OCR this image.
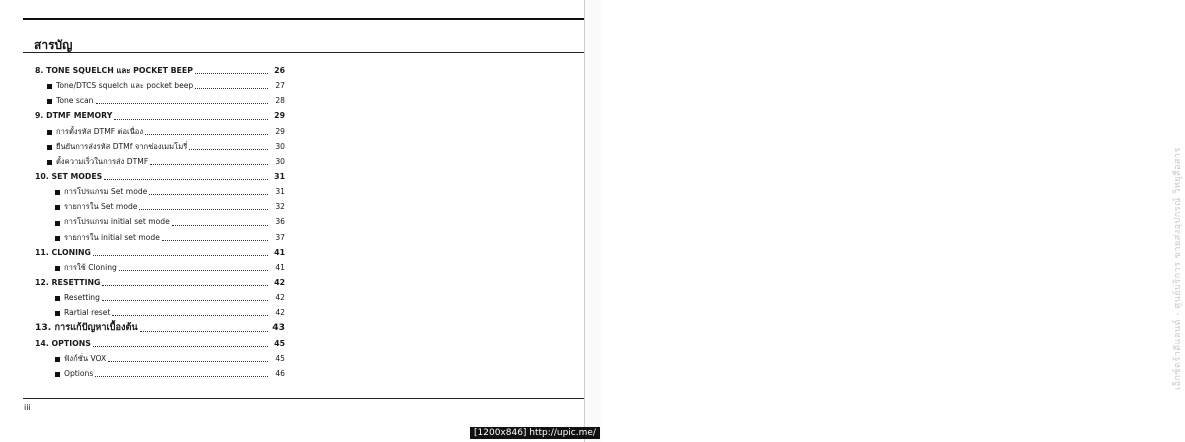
สารบัญ
8. TONE SQUELCH และ POCKET BEEP	26
Tone/DTCS squelch และ pocket beep	27
Tone scan	28
9. DTMF MEMORY	29
การตั้งรหัส DTMF ต่อเนื่อง	29
ยืนยันการส่งรหัส DTMf จากช่องเมมโมรี่	30
ตั้งความเร็วในการส่ง DTMF	30
10. SET MODES	31
การโปรแกรม Set mode	31
รายการใน Set mode	32
การโปรแกรม initial set mode	36
รายการใน initial set mode	37
11. CLONING	41
การใช้ Cloning	41
12. RESETTING	42
Resetting	42
Rartial reset	42
13. การแก้ปัญหาเบื้องต้น	43
14. OPTIONS	45
ฟังก์ชั่น VOX	45
Options	46
iii
เอ็กซ์ตร้าดีแลนด์ - ศูนย์บริการ ขายส่งอุปกรณ์ วิทยุสื่อสาร
[1200x846] http://upic.me/
